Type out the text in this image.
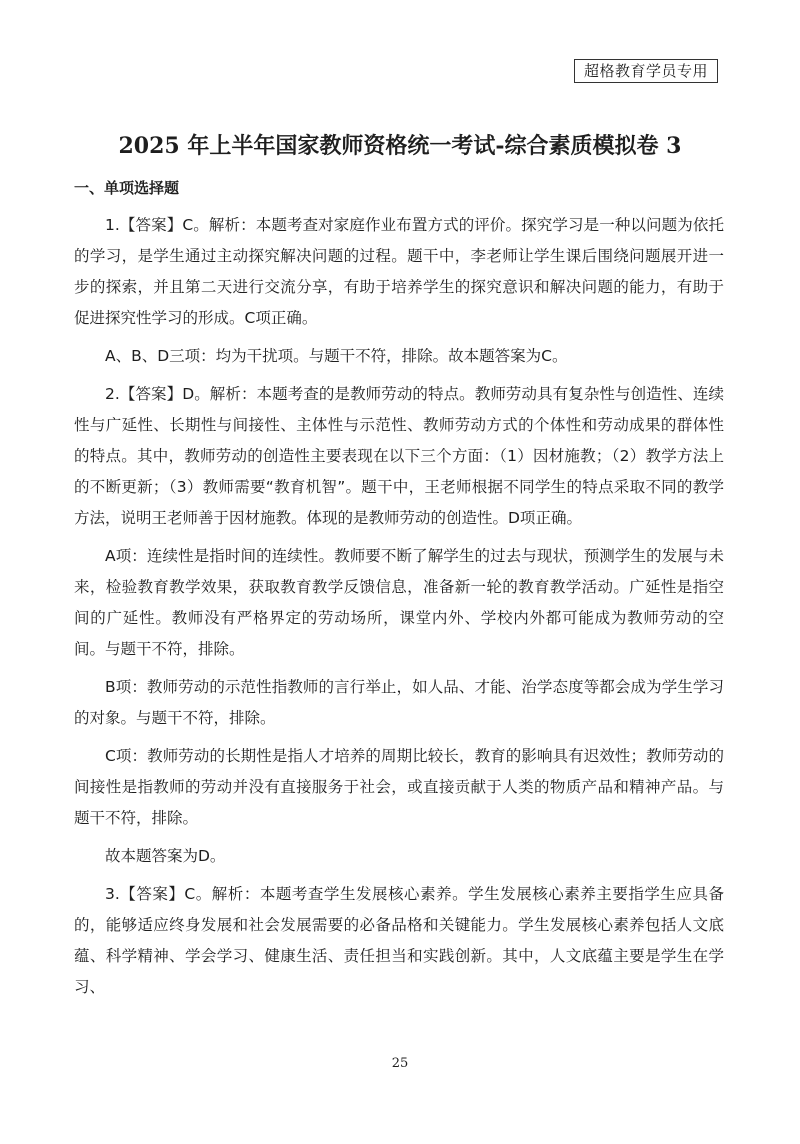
超格教育学员专用
2025 年上半年国家教师资格统一考试-综合素质模拟卷 3
一、单项选择题

1.【答案】C。解析：本题考查对家庭作业布置方式的评价。探究学习是一种以问题为依托的学习，是学生通过主动探究解决问题的过程。题干中，李老师让学生课后围绕问题展开进一步的探索，并且第二天进行交流分享，有助于培养学生的探究意识和解决问题的能力，有助于促进探究性学习的形成。C项正确。

A、B、D三项：均为干扰项。与题干不符，排除。故本题答案为C。

2.【答案】D。解析：本题考查的是教师劳动的特点。教师劳动具有复杂性与创造性、连续性与广延性、长期性与间接性、主体性与示范性、教师劳动方式的个体性和劳动成果的群体性的特点。其中，教师劳动的创造性主要表现在以下三个方面：（1）因材施教；（2）教学方法上的不断更新；（3）教师需要“教育机智”。题干中，王老师根据不同学生的特点采取不同的教学方法，说明王老师善于因材施教。体现的是教师劳动的创造性。D项正确。

A项：连续性是指时间的连续性。教师要不断了解学生的过去与现状，预测学生的发展与未来，检验教育教学效果，获取教育教学反馈信息，准备新一轮的教育教学活动。广延性是指空间的广延性。教师没有严格界定的劳动场所，课堂内外、学校内外都可能成为教师劳动的空间。与题干不符，排除。

B项：教师劳动的示范性指教师的言行举止，如人品、才能、治学态度等都会成为学生学习的对象。与题干不符，排除。

C项：教师劳动的长期性是指人才培养的周期比较长，教育的影响具有迟效性；教师劳动的间接性是指教师的劳动并没有直接服务于社会，或直接贡献于人类的物质产品和精神产品。与题干不符，排除。

故本题答案为D。

3.【答案】C。解析：本题考查学生发展核心素养。学生发展核心素养主要指学生应具备的，能够适应终身发展和社会发展需要的必备品格和关键能力。学生发展核心素养包括人文底蕴、科学精神、学会学习、健康生活、责任担当和实践创新。其中，人文底蕴主要是学生在学习、

25
